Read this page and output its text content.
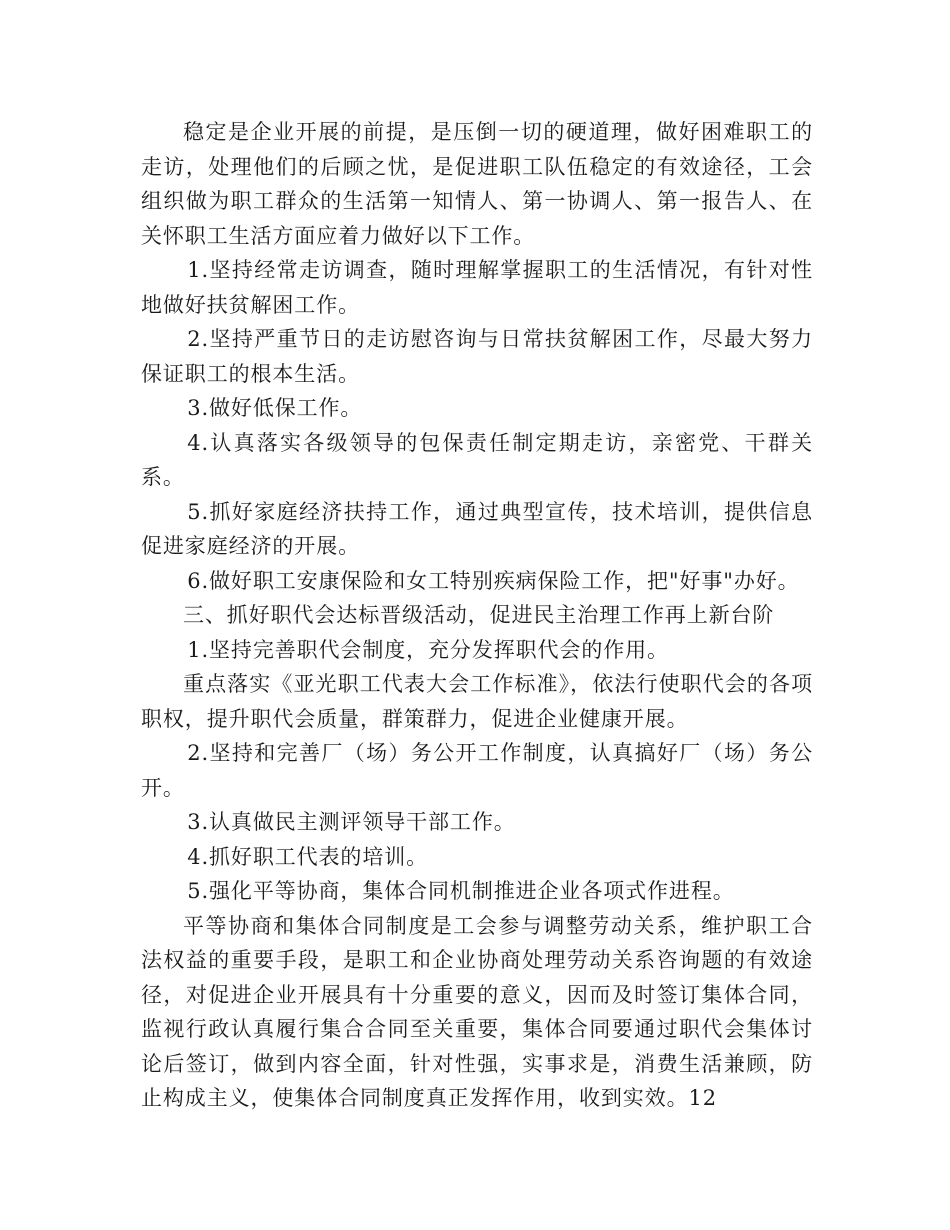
稳定是企业开展的前提，是压倒一切的硬道理，做好困难职工的走访，处理他们的后顾之忧，是促进职工队伍稳定的有效途径，工会组织做为职工群众的生活第一知情人、第一协调人、第一报告人、在关怀职工生活方面应着力做好以下工作。

1.坚持经常走访调查，随时理解掌握职工的生活情况，有针对性地做好扶贫解困工作。

2.坚持严重节日的走访慰咨询与日常扶贫解困工作，尽最大努力保证职工的根本生活。

3.做好低保工作。

4.认真落实各级领导的包保责任制定期走访，亲密党、干群关系。

5.抓好家庭经济扶持工作，通过典型宣传，技术培训，提供信息促进家庭经济的开展。

6.做好职工安康保险和女工特别疾病保险工作，把"好事"办好。

三、抓好职代会达标晋级活动，促进民主治理工作再上新台阶

1.坚持完善职代会制度，充分发挥职代会的作用。

重点落实《亚光职工代表大会工作标准》，依法行使职代会的各项职权，提升职代会质量，群策群力，促进企业健康开展。

2.坚持和完善厂（场）务公开工作制度，认真搞好厂（场）务公开。

3.认真做民主测评领导干部工作。

4.抓好职工代表的培训。

5.强化平等协商，集体合同机制推进企业各项式作进程。

平等协商和集体合同制度是工会参与调整劳动关系，维护职工合法权益的重要手段，是职工和企业协商处理劳动关系咨询题的有效途径，对促进企业开展具有十分重要的意义，因而及时签订集体合同，监视行政认真履行集合合同至关重要，集体合同要通过职代会集体讨论后签订，做到内容全面，针对性强，实事求是，消费生活兼顾，防止构成主义，使集体合同制度真正发挥作用，收到实效。12
